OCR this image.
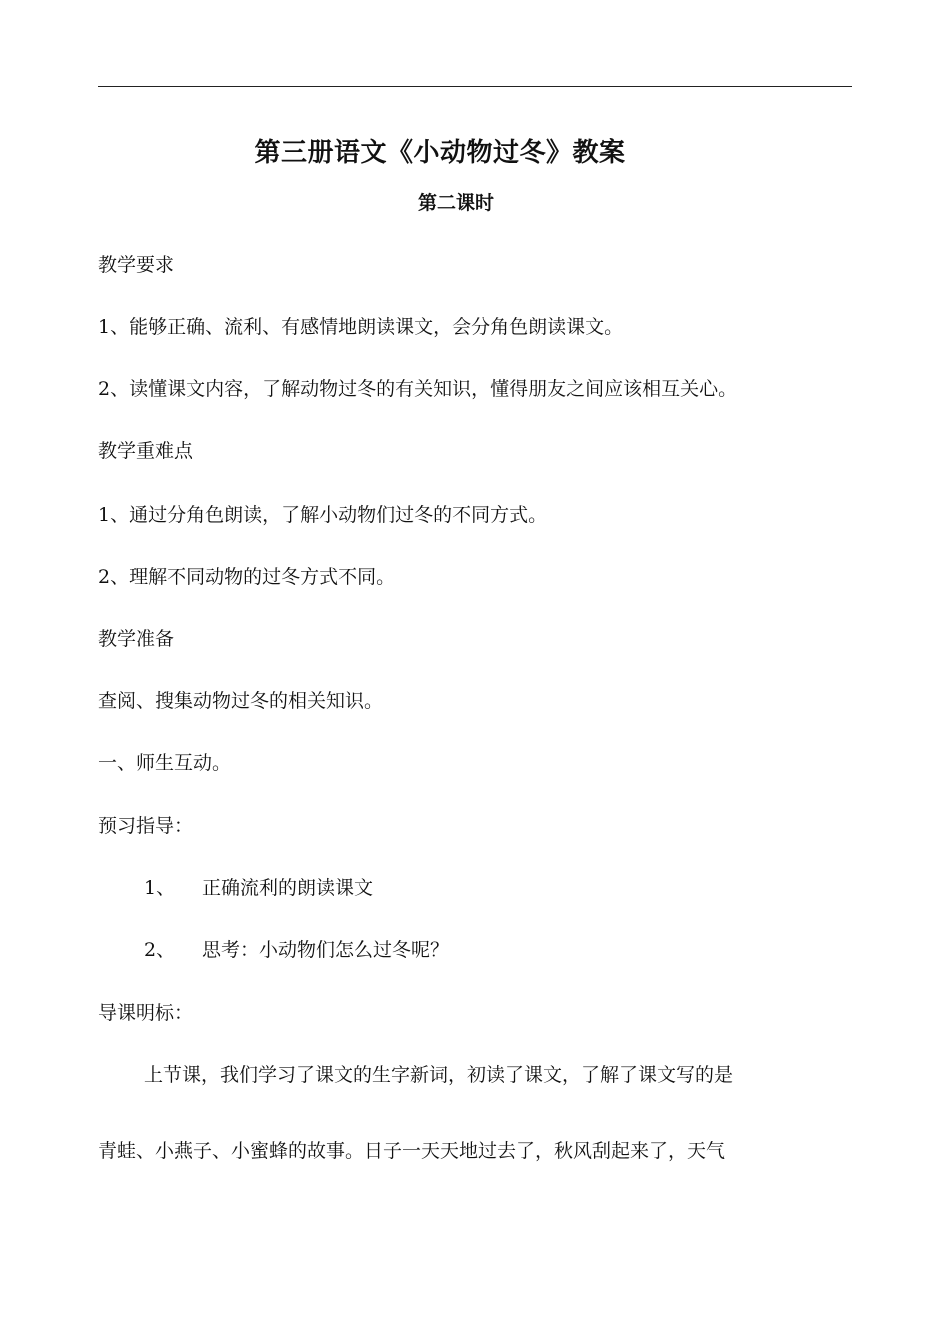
第三册语文《小动物过冬》教案
第二课时
教学要求
1、能够正确、流利、有感情地朗读课文，会分角色朗读课文。
2、读懂课文内容，了解动物过冬的有关知识，懂得朋友之间应该相互关心。
教学重难点
1、通过分角色朗读，了解小动物们过冬的不同方式。
2、理解不同动物的过冬方式不同。
教学准备
查阅、搜集动物过冬的相关知识。
一、师生互动。
预习指导：
1、 正确流利的朗读课文
2、 思考：小动物们怎么过冬呢？
导课明标：
上节课，我们学习了课文的生字新词，初读了课文，了解了课文写的是
青蛙、小燕子、小蜜蜂的故事。日子一天天地过去了，秋风刮起来了，天气
